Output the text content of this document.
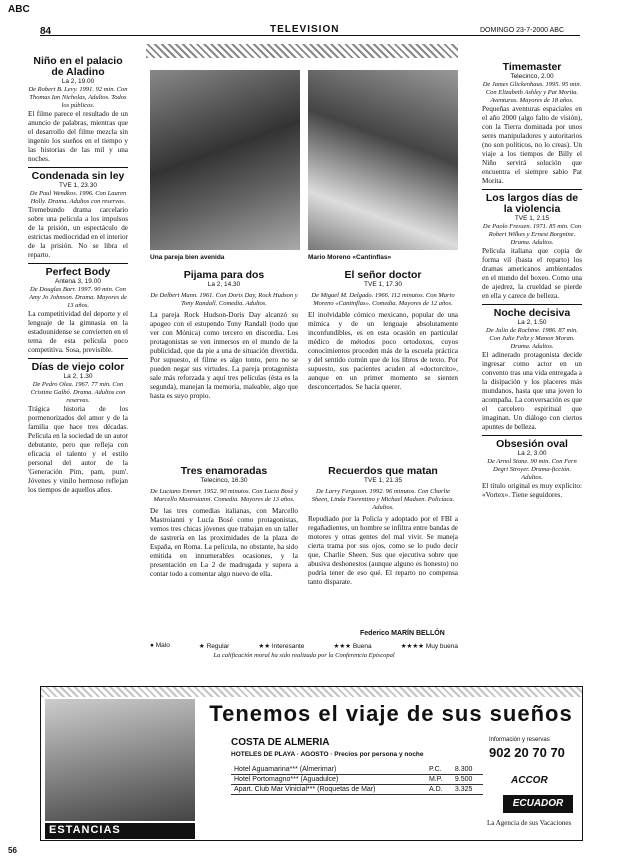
ABC
84	TELEVISION	DOMINGO 23-7-2000 ABC
Niño en el palacio de Aladino
La 2, 19.00
De Robert B. Levy. 1991. 92 min. Con Thomas Ian Nicholas, Adultos. Todos los públicos.
El filme parece el resultado de un anuncio de palabras, mientras que el desarrollo del filme mezcla sin ingenio los sueños en el tiempo y las historias de las mil y una noches.
Condenada sin ley
TVE 1, 23.30
De Paul Wendkos. 1996. Con Lauren Holly. Drama. Adultos con reservas.
Tremebundo drama carcelario sobre una película a los impulsos de la prisión, un espectáculo de estrictas mediocridad en el interior de la prisión. No se libra el reparto.
Perfect Body
Antena 3, 19.00
De Douglas Barr. 1997. 90 min. Con Amy Jo Johnson. Drama. Mayores de 13 años.
La competitividad del deporte y el lenguaje de la gimnasia en la estadounidense se convierten en el tema de esta película poco competitiva. Sosa, previsible.
Días de viejo color
La 2, 1.30
De Pedro Olea. 1967. 77 min. Con Cristina Galbó. Drama. Adultos con reservas.
Trágica historia de los pormenorizados del amor y de la familia que hace tres décadas. Película en la sociedad de un autor debutante, pero que refleja con eficacia el talento y el estilo personal del autor de la 'Generación Pim, pam, pum'. Jóvenes y vinilo hermoso reflejan los tiempos de aquellos años.
Una pareja bien avenida	Mario Moreno «Cantinflas»
Pijama para dos
La 2, 14.30
De Delbert Mann. 1961. Con Doris Day, Rock Hudson y Tony Randall. Comedia. Adultos.
La pareja Rock Hudson-Doris Day alcanzó su apogeo con el estupendo Tony Randall (todo que ver con Mónica) como tercero en discordia. Los protagonistas se ven inmersos en el mundo de la publicidad, que da pie a una de situación divertida. Por supuesto, el filme es algo tonto, pero no se pueden negar sus virtudes. La pareja protagonista sale más reforzada y aquí tres películas (ésta es la segunda), manejan la memoria, maleable, algo que hasta es suyo propio.
El señor doctor
TVE 1, 17.30
De Miguel M. Delgado. 1966. 112 minutos. Con Mario Moreno «Cantinflas». Comedia. Mayores de 12 años.
El inolvidable cómico mexicano, popular de una mímica y de un lenguaje absolutamente inconfundibles, es en esta ocasión en particular médico de métodos poco ortodoxos, cuyos conocimientos proceden más de la escuela práctica y del sentido común que de los libros de texto. Por supuesto, sus pacientes acuden al «doctorcito», aunque en un primer momento se sienten desconcertados. Se hacía querer.
Tres enamoradas
Telecinco, 16.30
De Luciano Emmer. 1952. 90 minutos. Con Lucia Bosè y Marcello Mastroianni. Comedia. Mayores de 13 años.
De las tres comedias italianas, con Marcello Mastroianni y Lucía Bosé como protagonistas, vemos tres chicas jóvenes que trabajan en un taller de sastrería en las proximidades de la plaza de España, en Roma. La película, no obstante, ha sido emitida en innumerables ocasiones, y la presentación en La 2 de madrugada y supera a contar todo a comentar algo nuevo de ella.
Recuerdos que matan
TVE 1, 21.35
De Larry Ferguson. 1992. 96 minutos. Con Charlie Sheen, Linda Fiorentino y Michael Madsen. Policíaca. Adultos.
Repudiado por la Policía y adoptado por el FBI a regañadientes, un hombre se infiltra entre bandas de motores y otras gentes del mal vivir. Se maneja cierta trama por sus ojos, como se lo pudo decir que, Charlie Sheen. Sus que ejecutiva sobre que abusiva deshonestos (aunque alguno es honesto) no podría tener de eso qué. El reparto no compensa tanto disparate.
Federico MARÍN BELLÓN
● Malo	★ Regular	★★ Interesante	★★★ Buena	★★★★ Muy buena
La calificación moral ha sido realizada por la Conferencia Episcopal
Timemaster
Telecinco, 2.00
De James Glickenhaus. 1995. 95 min. Con Elizabeth Ashley y Pat Morita. Aventuras. Mayores de 18 años.
Pequeñas aventuras espaciales en el año 2000 (algo falto de visión), con la Tierra dominada por unos seres manipuladores y autoritarios (no son políticos, no lo creas). Un viaje a los tiempos de Billy el Niño servirá solución que encuentra el siempre sabio Pat Morita.
Los largos días de la violencia
TVE 1, 2.15
De Paolo Fressen. 1971. 85 min. Con Robert Wilkes y Ernest Borgnine. Drama. Adultos.
Película italiana que copia de forma vil (basta el reparto) los dramas americanos ambientados en el mundo del boxeo. Como una de ajedrez, la crueldad se pierde en ella y carece de belleza.
Noche decisiva
La 2, 1.50
De Julio de Rochine. 1986. 87 min. Con Julie Feltz y Manon Moran. Drama. Adultos.
El adinerado protagonista decide ingresar como actor en un convento tras una vida entregada a la disipación y los placeres más mundanos, hasta que una joven lo acompaña. La conversación es que el carcelero espiritual que imaginan. Un diálogo con ciertos apuntes de belleza.
Obsesión oval
La 2, 3.00
De Arnol Stone. 90 min. Con Fern Degri Stroyer. Drama-ficción. Adultos.
El título original es muy explícito: «Vortex». Tiene seguidores.
Tenemos el viaje de sus sueños
ESTANCIAS
COSTA DE ALMERIA
HOTELES DE PLAYA · AGOSTO · Precios por persona y noche
Hotel Aguamarina*** (Almerimar)	P.C.	8.300
Hotel Portomagno*** (Aguadulce)	M.P.	9.500
Apart. Club Mar Vinicial*** (Roquetas de Mar)	A.D.	3.325
Información y reservas
902 20 70 70
ACCOR
ECUADOR
La Agencia de sus Vacaciones
56
